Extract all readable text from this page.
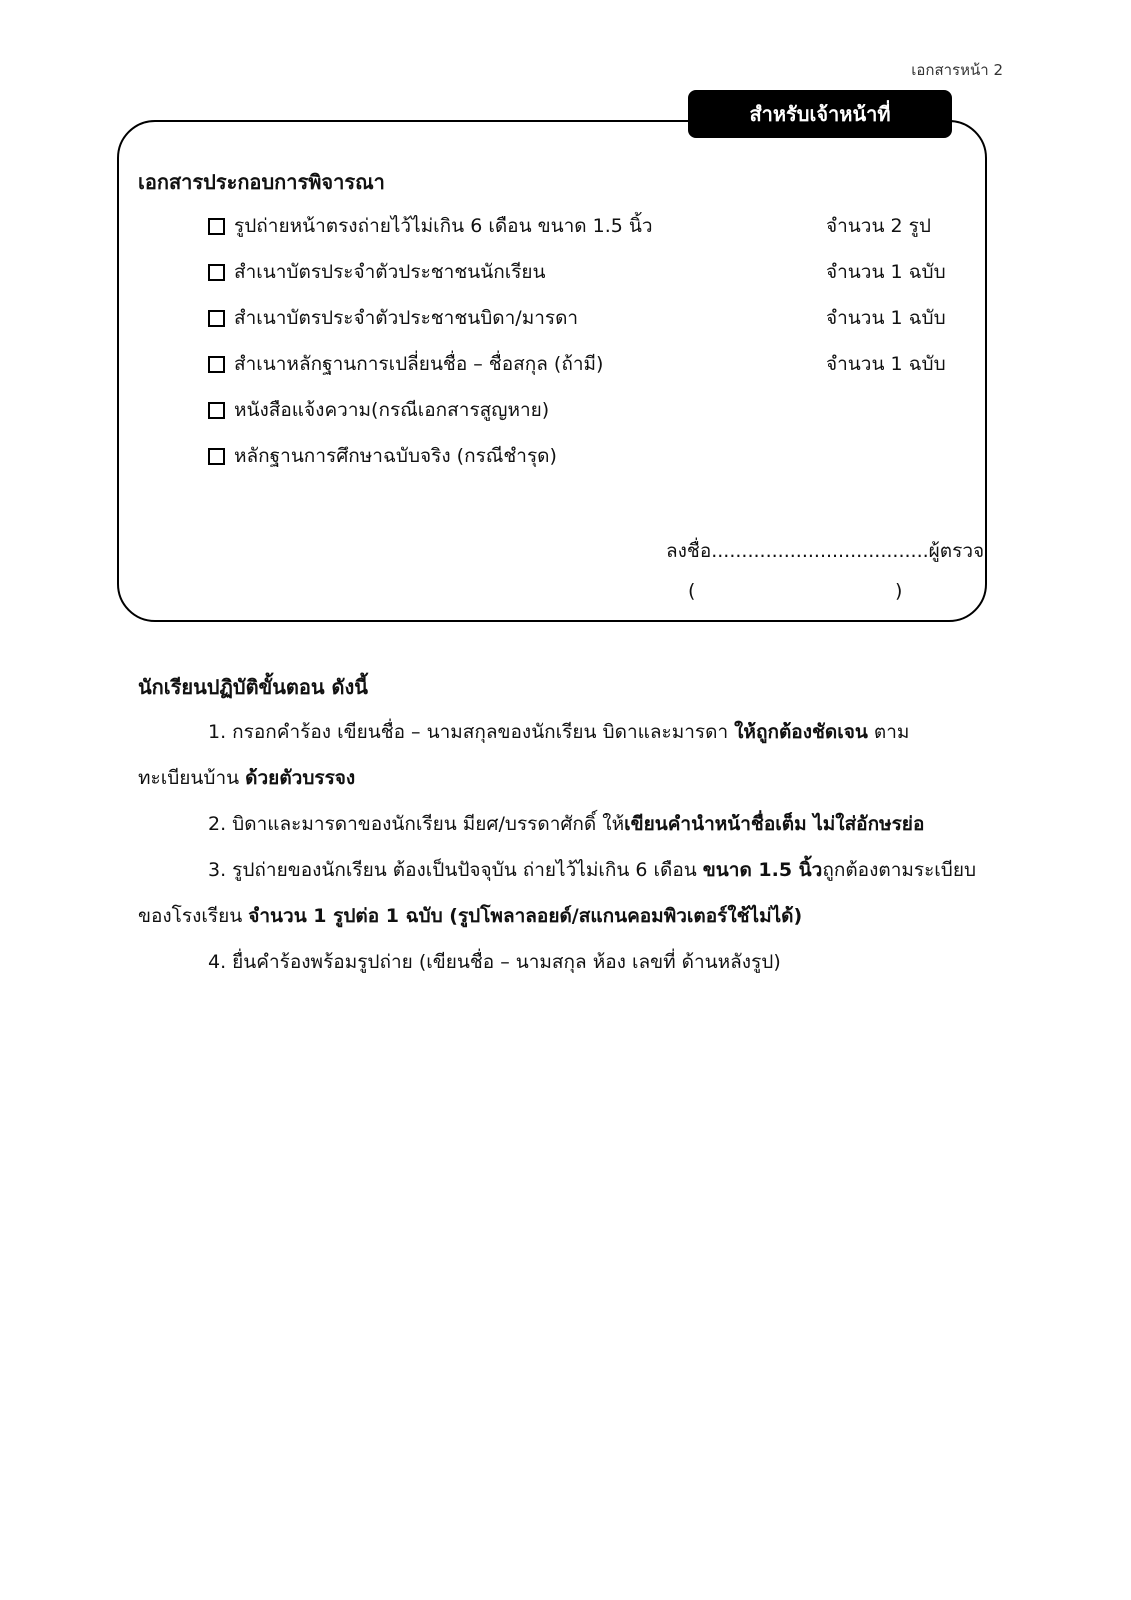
เอกสารหน้า 2
สำหรับเจ้าหน้าที่
เอกสารประกอบการพิจารณา
รูปถ่ายหน้าตรงถ่ายไว้ไม่เกิน 6 เดือน ขนาด 1.5 นิ้ว	จำนวน 2 รูป
สำเนาบัตรประจำตัวประชาชนนักเรียน	จำนวน 1 ฉบับ
สำเนาบัตรประจำตัวประชาชนบิดา/มารดา	จำนวน 1 ฉบับ
สำเนาหลักฐานการเปลี่ยนชื่อ – ชื่อสกุล (ถ้ามี)	จำนวน 1 ฉบับ
หนังสือแจ้งความ(กรณีเอกสารสูญหาย)
หลักฐานการศึกษาฉบับจริง (กรณีชำรุด)
ลงชื่อ....................................ผู้ตรวจ
(	)
นักเรียนปฏิบัติขั้นตอน ดังนี้
1. กรอกคำร้อง เขียนชื่อ – นามสกุลของนักเรียน บิดาและมารดา ให้ถูกต้องชัดเจน ตาม
ทะเบียนบ้าน ด้วยตัวบรรจง
2. บิดาและมารดาของนักเรียน มียศ/บรรดาศักดิ์ ให้เขียนคำนำหน้าชื่อเต็ม ไม่ใส่อักษรย่อ
3. รูปถ่ายของนักเรียน ต้องเป็นปัจจุบัน ถ่ายไว้ไม่เกิน 6 เดือน ขนาด 1.5 นิ้วถูกต้องตามระเบียบ
ของโรงเรียน จำนวน 1 รูปต่อ 1 ฉบับ (รูปโพลาลอยด์/สแกนคอมพิวเตอร์ใช้ไม่ได้)
4. ยื่นคำร้องพร้อมรูปถ่าย (เขียนชื่อ – นามสกุล ห้อง เลขที่ ด้านหลังรูป)
